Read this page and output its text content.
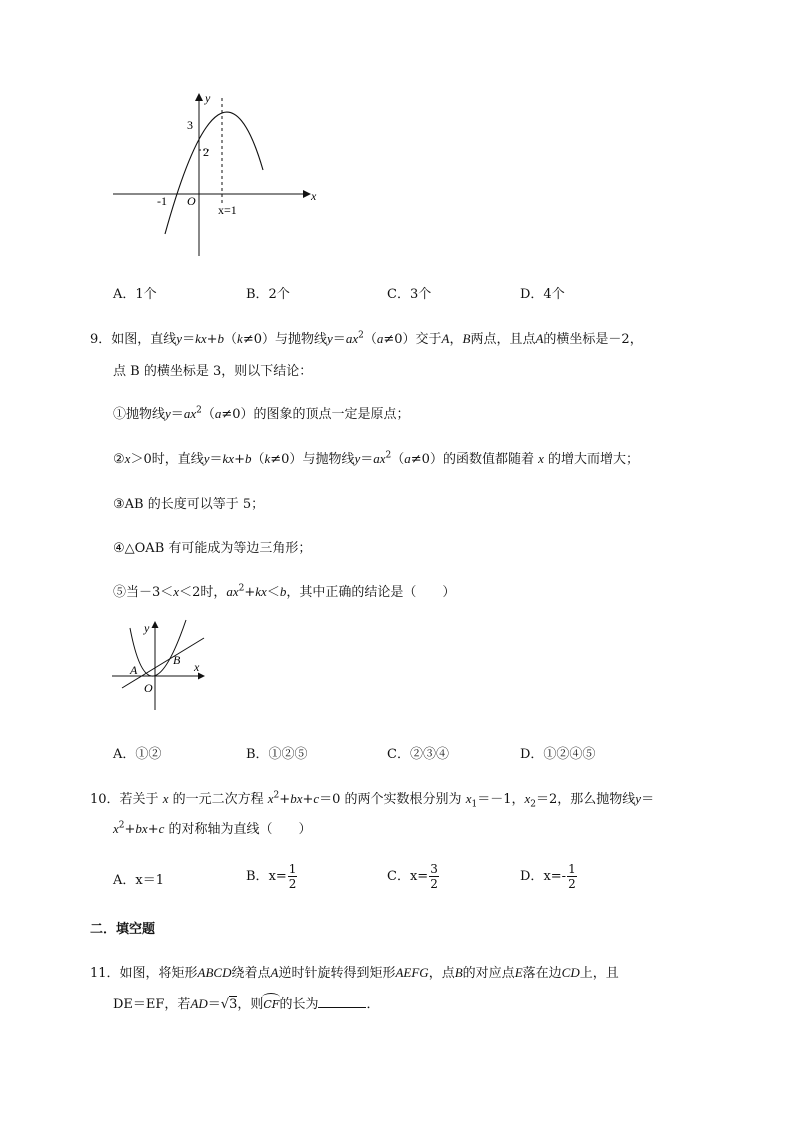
y
x
3
2
-1 O
x=1
A．1个	B．2个	C．3个	D．4个
9．如图，直线y＝kx+b（k≠0）与抛物线$y=ax^2(a\ne 0)$交于A，B两点，且点A的横坐标是－2，
点 B 的横坐标是 3，则以下结论：
①抛物线$y=ax^2(a\ne 0)$的图象的顶点一定是原点；
②x＞0时，直线y＝kx+b（k≠0）与抛物线$y=ax^2(a\ne 0)$的函数值都随着 x 的增大而增大；
③AB 的长度可以等于 5；
④△OAB 有可能成为等边三角形；
⑤当－3＜x＜2时，$ax^2+kx<b$，其中正确的结论是（　　）
y
x
O
A
B
A．①②	B．①②⑤	C．②③④	D．①②④⑤
10．若关于 x 的一元二次方程 $x^2+bx+c=0$ 的两个实数根分别为 $x_1=-1$，$x_2=2$，那么抛物线y＝
$x^2+bx+c$ 的对称轴为直线（　　）
A．x＝1	B．$x= \frac{1}{2}$	C．$x= \frac{3}{2}$	D．$x=- \frac{1}{2}$
二．填空题
11．如图，将矩形ABCD绕着点A逆时针旋转得到矩形AEFG，点B的对应点E落在边CD上，且
DE＝EF，若AD＝√3，则CF的长为	．
